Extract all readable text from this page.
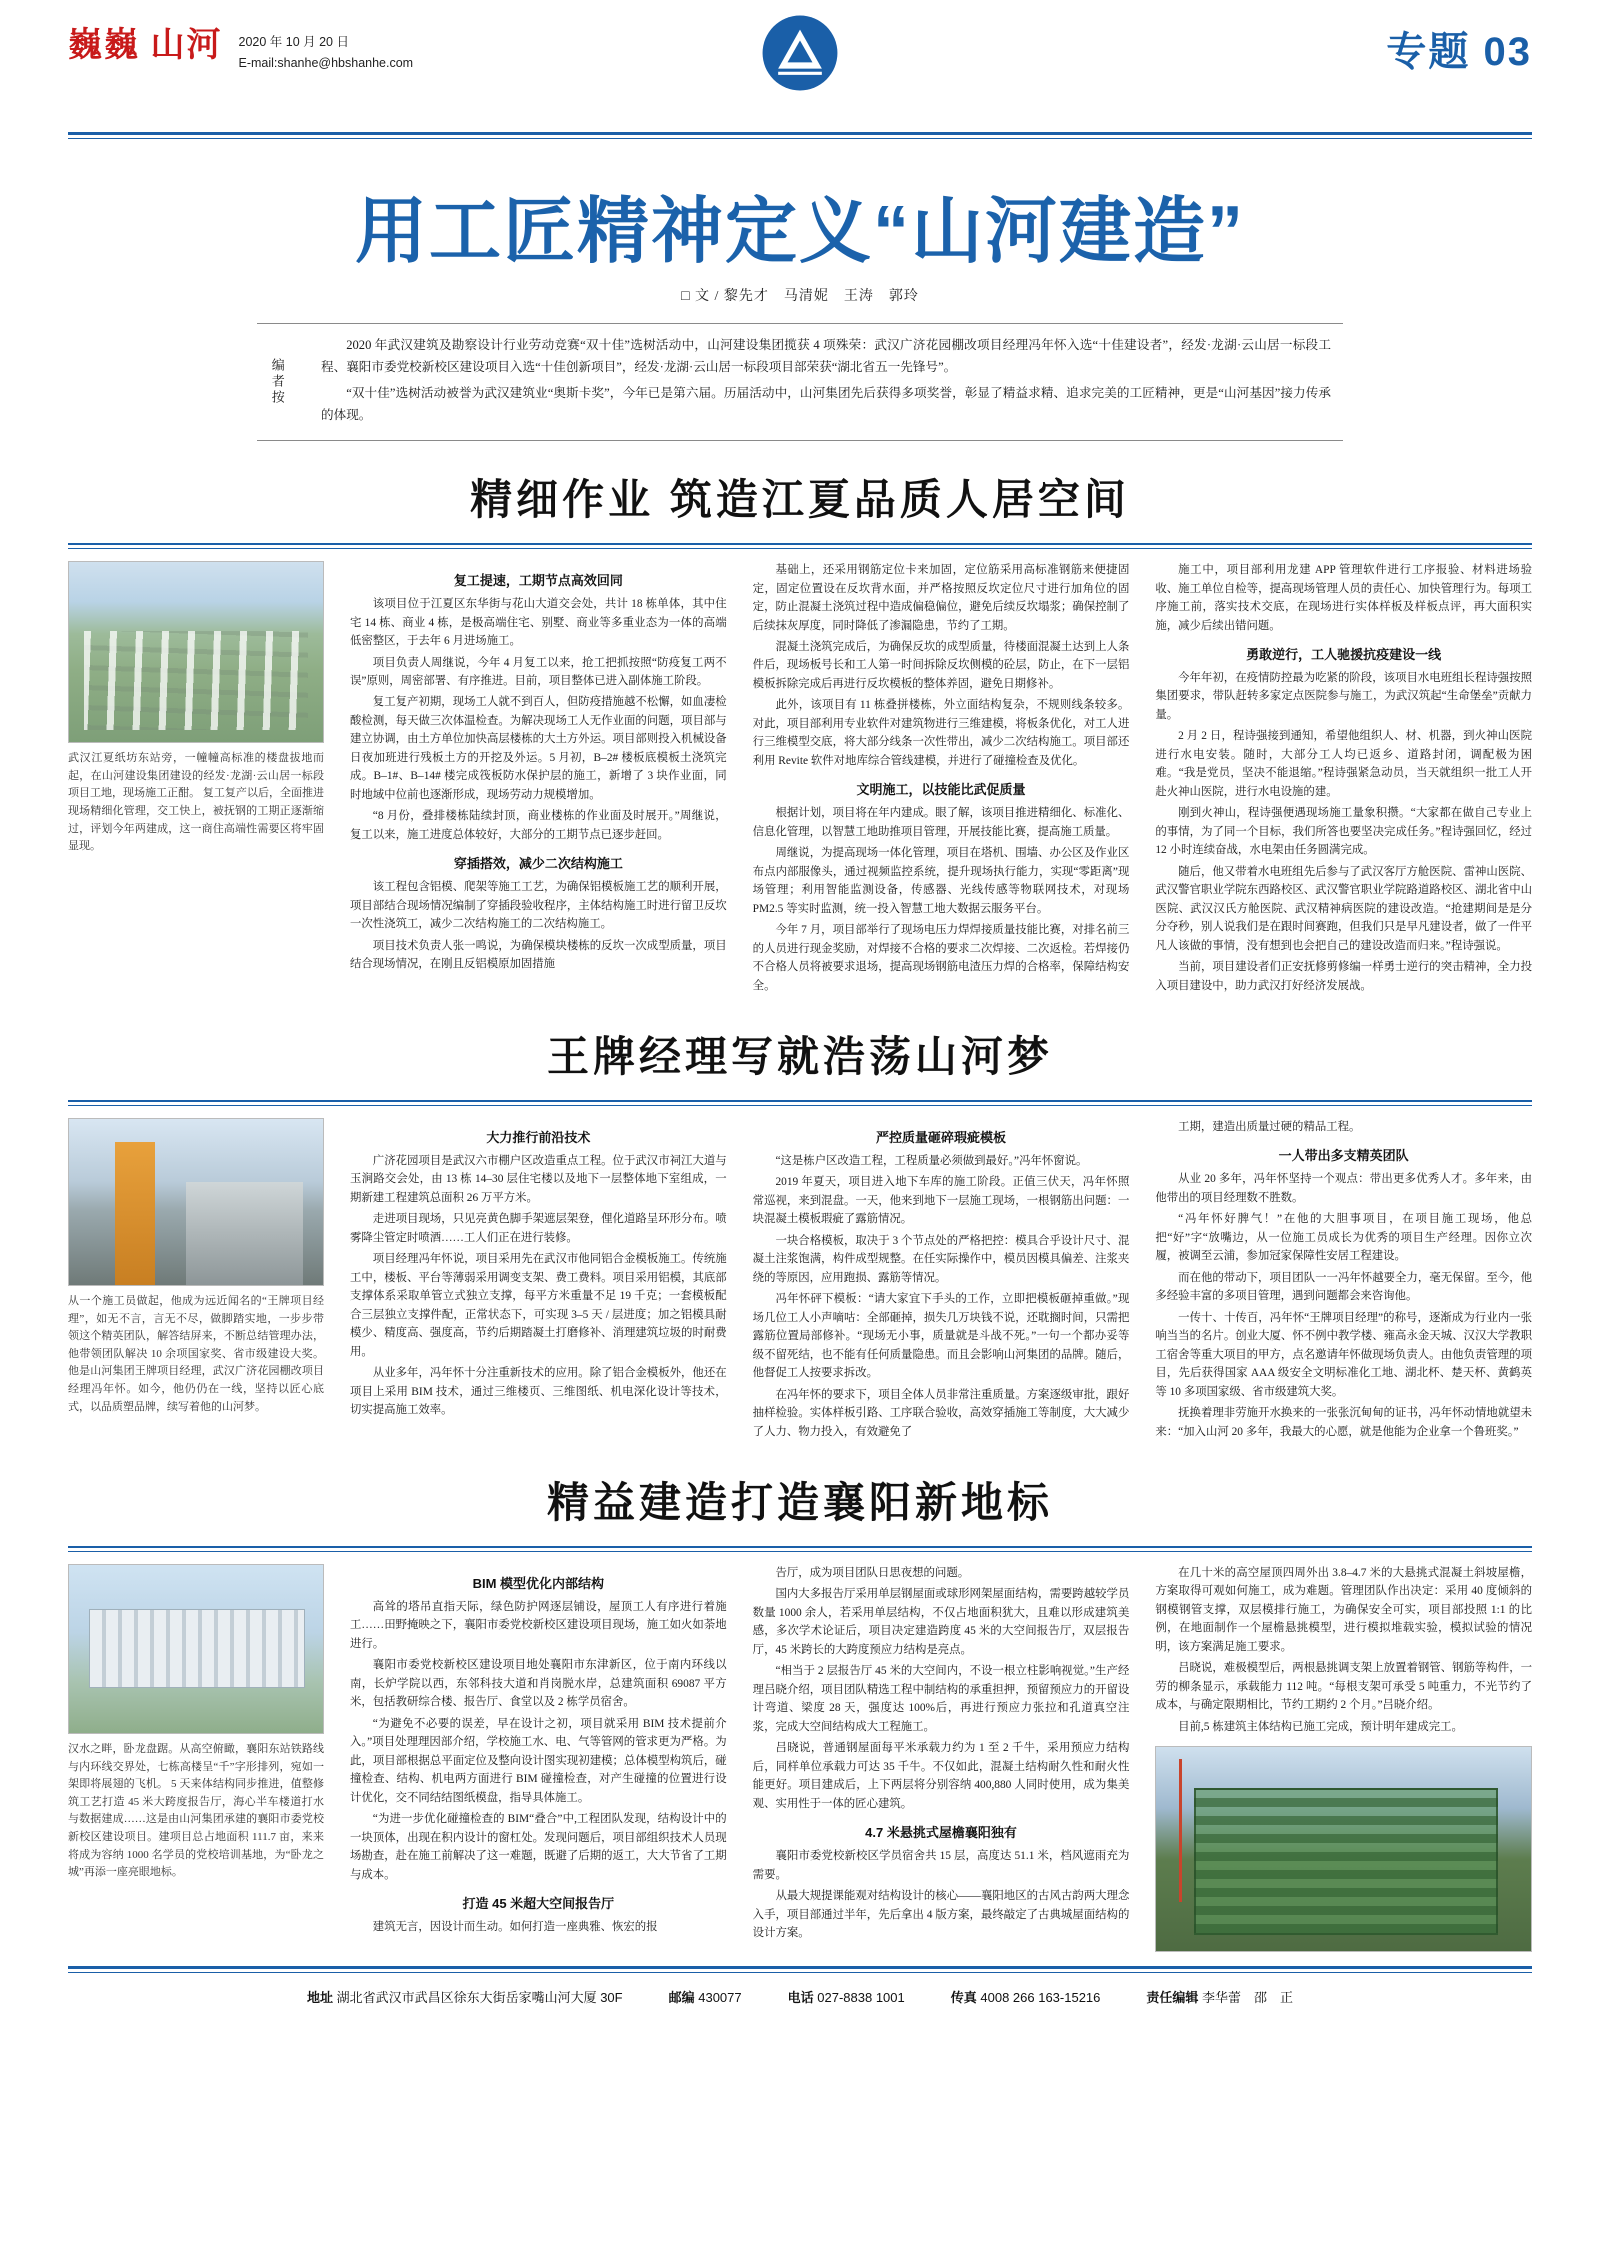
巍巍 山河 2020 年 10 月 20 日
E-mail:shanhe@hbshanhe.com	专题 03
用工匠精神定义“山河建造”
□ 文 / 黎先才　马清妮　王涛　郭玲
编者按

2020 年武汉建筑及勘察设计行业劳动竞赛“双十佳”选树活动中，山河建设集团揽获 4 项殊荣：武汉广济花园棚改项目经理冯年怀入选“十佳建设者”，经发·龙湖·云山居一标段工程、襄阳市委党校新校区建设项目入选“十佳创新项目”，经发·龙湖·云山居一标段项目部荣获“湖北省五一先锋号”。

“双十佳”选树活动被誉为武汉建筑业“奥斯卡奖”，今年已是第六届。历届活动中，山河集团先后获得多项奖誉，彰显了精益求精、追求完美的工匠精神，更是“山河基因”接力传承的体现。

精细作业 筑造江夏品质人居空间
武汉江夏纸坊东站旁，一幢幢高标准的楼盘拔地而起，在山河建设集团建设的经发·龙湖·云山居一标段项目工地，现场施工正酣。 复工复产以后，全面推进现场精细化管理，交工快上，被抚钢的工期正逐渐缩过，评划今年两建成，这一商住高端性需要区将牢固显现。
复工提速，工期节点高效回同

该项目位于江夏区东华街与花山大道交会处，共计 18 栋单体，其中住宅 14 栋、商业 4 栋，是极高端住宅、别墅、商业等多重业态为一体的高端低密整区，于去年 6 月进场施工。

项目负责人周继说，今年 4 月复工以来，抢工把抓按照“防疫复工两不误”原则，周密部署、有序推进。目前，项目整体已进入副体施工阶段。

复工复产初期，现场工人就不到百人，但防疫措施越不松懈，如血凄检酸检测，每天做三次体温检查。为解决现场工人无作业面的问题，项目部与建立协调，由土方单位加快高层楼栋的大土方外运。项目部则投入机械设备日夜加班进行残板土方的开挖及外运。5 月初，B–2# 楼板底模板土浇筑完成。B–1#、B–14# 楼完成筏板防水保护层的施工，新增了 3 块作业面，同时地域中位前也逐渐形成，现场劳动力规模增加。

“8 月份，叠排楼栋陆续封顶，商业楼栋的作业面及时展开。”周继说，复工以来，施工进度总体较好，大部分的工期节点已逐步赶回。

穿插搭效，减少二次结构施工

该工程包含铝模、爬架等施工工艺，为确保铝模板施工艺的顺利开展，项目部结合现场情况编制了穿插段验收程序，主体结构施工时进行留卫反坎一次性浇筑工，减少二次结构施工的二次结构施工。

项目技术负责人张一鸣说，为确保模块楼栋的反坎一次成型质量，项目结合现场情况，在刚且反铝模原加固措施

基础上，还采用钢筋定位卡来加固，定位筋采用高标准钢筋来便捷固定，固定位置设在反坎背水面，并严格按照反坎定位尺寸进行加角位的固定，防止混凝土浇筑过程中造成偏稳偏位，避免后续反坎塌浆；确保控制了后续抹灰厚度，同时降低了渗漏隐患，节约了工期。

混凝土浇筑完成后，为确保反坎的成型质量，待楼面混凝土达到上人条件后，现场板号长和工人第一时间拆除反坎侧模的砼层，防止，在下一层铝模板拆除完成后再进行反坎模板的整体养固，避免日期修补。

此外，该项目有 11 栋叠拼楼栋，外立面结构复杂，不规则线条较多。对此，项目部利用专业软件对建筑物进行三维建模，将板条优化，对工人进行三维模型交底，将大部分线条一次性带出，减少二次结构施工。项目部还利用 Revite 软件对地库综合管线建模，并进行了碰撞检查及优化。

文明施工，以技能比武促质量

根据计划，项目将在年内建成。眼了解，该项目推进精细化、标准化、信息化管理，以智慧工地助推项目管理，开展技能比赛，提高施工质量。

周继说，为提高现场一体化管理，项目在塔机、围墙、办公区及作业区布点内部服像头，通过视频监控系统，提升现场执行能力，实现“零距离”现场管理；利用智能监测设备，传感器、光线传感等物联网技术，对现场 PM2.5 等实时监测，统一投入智慧工地大数据云服务平台。

今年 7 月，项目部举行了现场电压力焊焊接质量技能比赛，对排名前三的人员进行现金奖励，对焊接不合格的要求二次焊接、二次返检。若焊接仍不合格人员将被要求退场，提高现场钢筋电渣压力焊的合格率，保障结构安全。

施工中，项目部利用龙建 APP 管理软件进行工序报验、材料进场验收、施工单位自检等，提高现场管理人员的责任心、加快管理行为。每项工序施工前，落实技术交底，在现场进行实体样板及样板点评，再大面积实施，减少后续出错问题。

勇敢逆行，工人驰援抗疫建设一线

今年年初，在疫情防控最为吃紧的阶段，该项目水电班组长程诗强按照集团要求，带队赶转多家定点医院参与施工，为武汉筑起“生命堡垒”贡献力量。

2 月 2 日，程诗强接到通知，希望他组织人、材、机器，到火神山医院进行水电安装。随时，大部分工人均已返乡、道路封闭，调配极为困难。“我是党员，坚决不能退缩。”程诗强紧急动员，当天就组织一批工人开赴火神山医院，进行水电设施的建。

刚到火神山，程诗强便遇现场施工量象积攒。“大家都在做自己专业上的事情，为了同一个目标，我们所答也要坚决完成任务。”程诗强回忆，经过 12 小时连续奋战，水电架由任务圆满完成。

随后，他又带着水电班组先后参与了武汉客厅方舱医院、雷神山医院、武汉警官职业学院东西路校区、武汉警官职业学院路道路校区、湖北省中山医院、武汉汉氏方舱医院、武汉精神病医院的建设改造。“抢建期间是是分分夺秒，别人说我们是在跟时间赛跑，但我们只是早凡建设者，做了一件平凡人该做的事情，没有想到也会把自己的建设改造而归来。”程诗强说。

当前，项目建设者们正安抚修剪修编一样勇士逆行的突击精神，全力投入项目建设中，助力武汉打好经济发展战。

王牌经理写就浩荡山河梦
从一个施工员做起，他成为远近闻名的“王牌项目经理”，如无不言，言无不尽，做脚踏实地，一步步带领这个精英团队，解答结屏来，不断总结管理办法，他带领团队解决 10 余项国家奖、省市级建设大奖。 他是山河集团王牌项目经理，武汉广济花园棚改项目经理冯年怀。如今，他仍仍在一线，坚持以匠心底式，以品质塑品牌，续写着他的山河梦。
大力推行前沿技术

广济花园项目是武汉六市棚户区改造重点工程。位于武汉市祠江大道与玉涧路交会处，由 13 栋 14–30 层住宅楼以及地下一层整体地下室组成，一期新建工程建筑总面积 26 万平方米。

走进项目现场，只见亮黄色脚手架遮层架登，俚化道路呈环形分布。喷雾降尘管定时喷酒……工人们正在进行装修。

项目经理冯年怀说，项目采用先在武汉市他同铝合金模板施工。传统施工中，楼板、平台等薄弱采用调变支架、费工费料。项目采用铝模，其底部支撑体系采取单管立式独立支撑，每平方米重量不足 19 千克；一套模板配合三层独立支撑件配，正常状态下，可实现 3–5 天 / 层进度；加之铝模具耐模少、精度高、强度高，节约后期踏凝土打磨修补、消理建筑垃圾的时耐费用。

从业多年，冯年怀十分注重新技术的应用。除了铝合金模板外，他还在项目上采用 BIM 技术，通过三维楼页、三维图纸、机电深化设计等技术，切实提高施工效率。

严控质量砸碎瑕疵模板

“这是栋户区改造工程，工程质量必须做到最好。”冯年怀窗说。

2019 年夏天，项目进入地下车库的施工阶段。正值三伏天，冯年怀照常巡视，来到混盘。一天，他来到地下一层施工现场，一根钢筋出问题：一块混凝土模板瑕疵了露筋情况。

一块合格模板，取决于 3 个节点处的严格把控：模具合乎设计尺寸、混凝土注浆饱满，构件成型规整。在任实际操作中，模员因模具偏差、注浆夹绕的等原因，应用跑损、露筋等情况。

冯年怀砰下模板：“请大家宜下手头的工作，立即把模板砸掉重做。”现场几位工人小声嘀咕：全部砸掉，损失几万块钱不说，还耽搁时间，只需把露筋位置局部修补。“现场无小事，质量就是斗战不死。”一句一个都办妥等级不留死结，也不能有任何质量隐患。而且会影响山河集团的品牌。随后，他督促工人按要求拆改。

在冯年怀的要求下，项目全体人员非常注重质量。方案逐级审批，跟好抽样检验。实体样板引路、工序联合验收，高效穿插施工等制度，大大减少了人力、物力投入，有效避免了

工期，建造出质量过硬的精品工程。

一人带出多支精英团队

从业 20 多年，冯年怀坚持一个观点：带出更多优秀人才。多年来，由他带出的项目经理数不胜数。

“冯年怀好脾气！”在他的大胆事项目，在项目施工现场，他总把“好”字“放嘴边，从一位施工员成长为优秀的项目生产经理。因你立次履，被调至云浦，参加冠家保障性安居工程建设。

而在他的带动下，项目团队一一冯年怀越要全力，毫无保留。至今，他多经验丰富的多项目管理，遇到问题都会来咨询他。

一传十、十传百，冯年怀“王牌项目经理”的称号，逐渐成为行业内一张响当当的名片。创业大厦、怀不例中教学楼、雍高永金天城、汉汉大学教职工宿舍等重大项目的甲方，点名邀请年怀做现场负责人。由他负责管理的项目，先后获得国家 AAA 级安全文明标准化工地、湖北杯、楚天杯、黄鹤英等 10 多项国家级、省市级建筑大奖。

抚换着理非劳施开水换来的一张张沉甸甸的证书，冯年怀动情地就望未来：“加入山河 20 多年，我最大的心愿，就是他能为企业拿一个鲁班奖。”

精益建造打造襄阳新地标
汉水之畔，卧龙盘踞。从高空俯瞰，襄阳东站铁路线与内环线交界处，七栋高楼呈“千”字形排列，宛如一架即将展翅的飞机。 5 天来体结构同步推进，值整修筑工艺打造 45 米大跨度报告厅，海心半车楼道打水与数据建成……这是由山河集团承建的襄阳市委党校新校区建设项目。建项目总占地面积 111.7 亩，来来将成为容纳 1000 名学员的党校培训基地，为“卧龙之城”再添一座亮眼地标。
BIM 模型优化内部结构

高耸的塔吊直指天际，绿色防护网逐层铺设，屋顶工人有序进行着施工……田野掩映之下，襄阳市委党校新校区建设项目现场，施工如火如荼地进行。

襄阳市委党校新校区建设项目地处襄阳市东津新区，位于南内环线以南，长炉学院以西，东邻科技大道和肖岗脱水岸，总建筑面积 69087 平方米，包括教研综合楼、报告厅、食堂以及 2 栋学员宿舍。

“为避免不必要的误差，早在设计之初，项目就采用 BIM 技术提前介入。”项目处理理因部介绍，学校施工水、电、气等管网的管求更为严格。为此，项目部根据总平面定位及整向设计图实现初建模；总体模型构筑后，碰撞检查、结构、机电两方面进行 BIM 碰撞检查，对产生碰撞的位置进行设计优化，交不同结结图纸模盘，指导具体施工。

“为进一步优化碰撞检查的 BIM“叠合”中,工程团队发现，结构设计中的一块顶体，出现在积内设计的窗杠处。发现问题后，项目部组织技术人员现场勘查，赴在施工前解决了这一难题，既避了后期的返工，大大节省了工期与成本。

打造 45 米超大空间报告厅

建筑无言，因设计而生动。如何打造一座典雅、恢宏的报

告厅，成为项目团队日思夜想的问题。

国内大多报告厅采用单层钢屋面或球形网架屋面结构，需要跨越较学员数量 1000 余人，若采用单层结构，不仅占地面积犹大，且难以形成建筑美感，多次学术论证后，项目决定建造跨度 45 米的大空间报告厅，双层报告厅，45 米跨长的大跨度预应力结构是亮点。

“相当于 2 层报告厅 45 米的大空间内，不设一根立柱影响视觉。”生产经理吕晓介绍，项目团队精选工程中制结构的承重担押，预留预应力的开留设计弯道、梁度 28 天，强度达 100%后，再进行预应力张拉和孔道真空注浆，完成大空间结构成大工程施工。

吕晓说，普通钢屋面每平米承载力约为 1 至 2 千牛，采用预应力结构后，同样单位承载力可达 35 千牛。不仅如此，混凝土结构耐久性和耐火性能更好。项目建成后，上下两层将分别容纳 400,880 人同时使用，成为集美观、实用性于一体的匠心建筑。

4.7 米悬挑式屋檐襄阳独有

襄阳市委党校新校区学员宿舍共 15 层，高度达 51.1 米，档风遮雨充为需要。

从最大规提课能观对结构设计的核心——襄阳地区的古风古韵两大理念入手，项目部通过半年，先后拿出 4 版方案，最终敲定了古典城屋面结构的设计方案。

在几十米的高空屋顶四周外出 3.8–4.7 米的大悬挑式混凝土斜坡屋檐，方案取得可观如何施工，成为难题。管理团队作出决定：采用 40 度倾斜的钢模钢管支撑，双层模排行施工，为确保安全可实，项目部投照 1:1 的比例，在地面制作一个屋檐悬挑模型，进行模拟堆载实验，模拟试验的情况明，该方案满足施工要求。

吕晓说，难极模型后，两根悬挑调支架上放置着钢管、钢筋等构件，一劳的柳条显示，承载能力 112 吨。“每根支架可承受 5 吨重力，不光节约了成本，与确定限期相比，节约工期约 2 个月。”吕晓介绍。

目前,5 栋建筑主体结构已施工完成，预计明年建成完工。

地址 湖北省武汉市武昌区徐东大街岳家嘴山河大厦 30F	邮编 430077	电话 027-8838 1001	传真 4008 266 163-15216	责任编辑 李华蕾　邵　正
